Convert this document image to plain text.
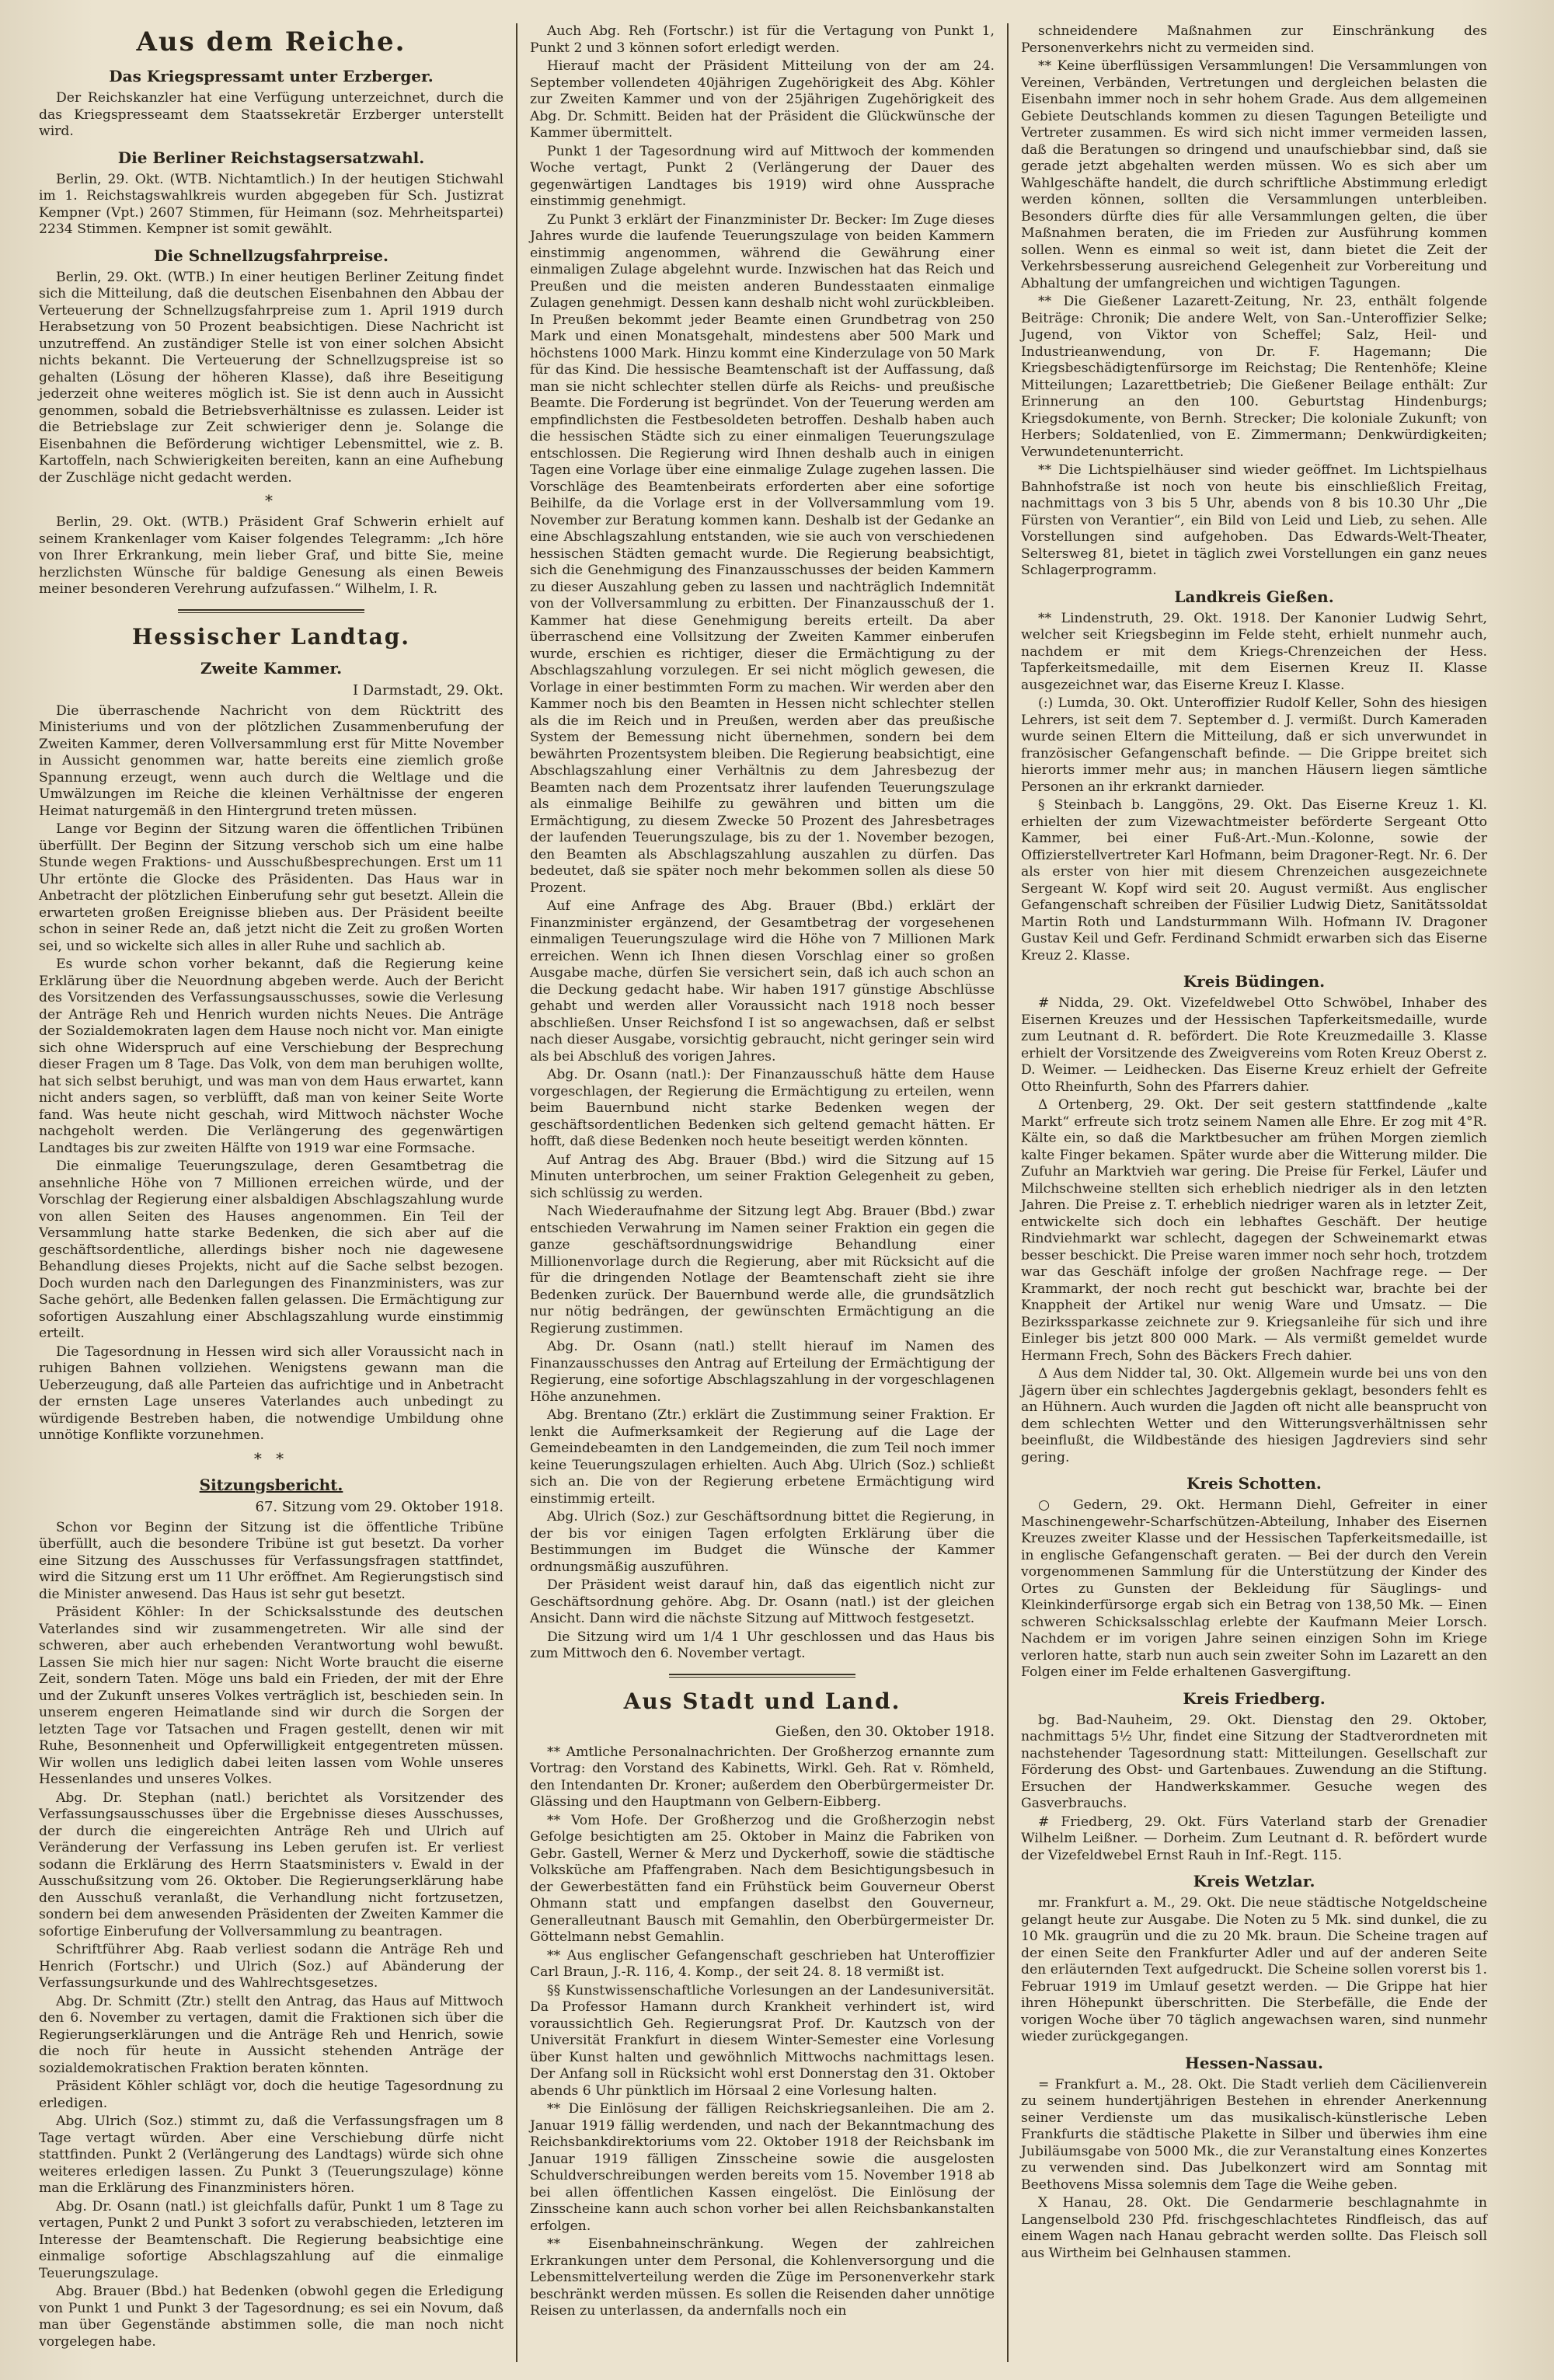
Aus dem Reiche.
Das Kriegspressamt unter Erzberger.

Der Reichskanzler hat eine Verfügung unterzeichnet, durch die das Kriegspresseamt dem Staatssekretär Erzberger unterstellt wird.

Die Berliner Reichstagsersatzwahl.

Berlin, 29. Okt. (WTB. Nichtamtlich.) In der heutigen Stichwahl im 1. Reichstagswahlkreis wurden abgegeben für Sch. Justizrat Kempner (Vpt.) 2607 Stimmen, für Heimann (soz. Mehrheitspartei) 2234 Stimmen. Kempner ist somit gewählt.

Die Schnellzugsfahrpreise.

Berlin, 29. Okt. (WTB.) In einer heutigen Berliner Zeitung findet sich die Mitteilung, daß die deutschen Eisenbahnen den Abbau der Verteuerung der Schnellzugsfahrpreise zum 1. April 1919 durch Herabsetzung von 50 Prozent beabsichtigen. Diese Nachricht ist unzutreffend. An zuständiger Stelle ist von einer solchen Absicht nichts bekannt. Die Verteuerung der Schnellzugspreise ist so gehalten (Lösung der höheren Klasse), daß ihre Beseitigung jederzeit ohne weiteres möglich ist. Sie ist denn auch in Aussicht genommen, sobald die Betriebsverhältnisse es zulassen. Leider ist die Betriebslage zur Zeit schwieriger denn je. Solange die Eisenbahnen die Beförderung wichtiger Lebensmittel, wie z. B. Kartoffeln, nach Schwierigkeiten bereiten, kann an eine Aufhebung der Zuschläge nicht gedacht werden.

*

Berlin, 29. Okt. (WTB.) Präsident Graf Schwerin erhielt auf seinem Krankenlager vom Kaiser folgendes Telegramm: „Ich höre von Ihrer Erkrankung, mein lieber Graf, und bitte Sie, meine herzlichsten Wünsche für baldige Genesung als einen Beweis meiner besonderen Verehrung aufzufassen.“ Wilhelm, I. R.

Hessischer Landtag.
Zweite Kammer.
I Darmstadt, 29. Okt.

Die überraschende Nachricht von dem Rücktritt des Ministeriums und von der plötzlichen Zusammenberufung der Zweiten Kammer, deren Vollversammlung erst für Mitte November in Aussicht genommen war, hatte bereits eine ziemlich große Spannung erzeugt, wenn auch durch die Weltlage und die Umwälzungen im Reiche die kleinen Verhältnisse der engeren Heimat naturgemäß in den Hintergrund treten müssen.

Lange vor Beginn der Sitzung waren die öffentlichen Tribünen überfüllt. Der Beginn der Sitzung verschob sich um eine halbe Stunde wegen Fraktions- und Ausschußbesprechungen. Erst um 11 Uhr ertönte die Glocke des Präsidenten. Das Haus war in Anbetracht der plötzlichen Einberufung sehr gut besetzt. Allein die erwarteten großen Ereignisse blieben aus. Der Präsident beeilte schon in seiner Rede an, daß jetzt nicht die Zeit zu großen Worten sei, und so wickelte sich alles in aller Ruhe und sachlich ab.

Es wurde schon vorher bekannt, daß die Regierung keine Erklärung über die Neuordnung abgeben werde. Auch der Bericht des Vorsitzenden des Verfassungsausschusses, sowie die Verlesung der Anträge Reh und Henrich wurden nichts Neues. Die Anträge der Sozialdemokraten lagen dem Hause noch nicht vor. Man einigte sich ohne Widerspruch auf eine Verschiebung der Besprechung dieser Fragen um 8 Tage. Das Volk, von dem man beruhigen wollte, hat sich selbst beruhigt, und was man von dem Haus erwartet, kann nicht anders sagen, so verblüfft, daß man von keiner Seite Worte fand. Was heute nicht geschah, wird Mittwoch nächster Woche nachgeholt werden. Die Verlängerung des gegenwärtigen Landtages bis zur zweiten Hälfte von 1919 war eine Formsache.

Die einmalige Teuerungszulage, deren Gesamtbetrag die ansehnliche Höhe von 7 Millionen erreichen würde, und der Vorschlag der Regierung einer alsbaldigen Abschlagszahlung wurde von allen Seiten des Hauses angenommen. Ein Teil der Versammlung hatte starke Bedenken, die sich aber auf die geschäftsordentliche, allerdings bisher noch nie dagewesene Behandlung dieses Projekts, nicht auf die Sache selbst bezogen. Doch wurden nach den Darlegungen des Finanzministers, was zur Sache gehört, alle Bedenken fallen gelassen. Die Ermächtigung zur sofortigen Auszahlung einer Abschlagszahlung wurde einstimmig erteilt.

Die Tagesordnung in Hessen wird sich aller Voraussicht nach in ruhigen Bahnen vollziehen. Wenigstens gewann man die Ueberzeugung, daß alle Parteien das aufrichtige und in Anbetracht der ernsten Lage unseres Vaterlandes auch unbedingt zu würdigende Bestreben haben, die notwendige Umbildung ohne unnötige Konflikte vorzunehmen.

* *
Sitzungsbericht.
67. Sitzung vom 29. Oktober 1918.

Schon vor Beginn der Sitzung ist die öffentliche Tribüne überfüllt, auch die besondere Tribüne ist gut besetzt. Da vorher eine Sitzung des Ausschusses für Verfassungsfragen stattfindet, wird die Sitzung erst um 11 Uhr eröffnet. Am Regierungstisch sind die Minister anwesend. Das Haus ist sehr gut besetzt.

Präsident Köhler: In der Schicksalsstunde des deutschen Vaterlandes sind wir zusammengetreten. Wir alle sind der schweren, aber auch erhebenden Verantwortung wohl bewußt. Lassen Sie mich hier nur sagen: Nicht Worte braucht die eiserne Zeit, sondern Taten. Möge uns bald ein Frieden, der mit der Ehre und der Zukunft unseres Volkes verträglich ist, beschieden sein. In unserem engeren Heimatlande sind wir durch die Sorgen der letzten Tage vor Tatsachen und Fragen gestellt, denen wir mit Ruhe, Besonnenheit und Opferwilligkeit entgegentreten müssen. Wir wollen uns lediglich dabei leiten lassen vom Wohle unseres Hessenlandes und unseres Volkes.

Abg. Dr. Stephan (natl.) berichtet als Vorsitzender des Verfassungsausschusses über die Ergebnisse dieses Ausschusses, der durch die eingereichten Anträge Reh und Ulrich auf Veränderung der Verfassung ins Leben gerufen ist. Er verliest sodann die Erklärung des Herrn Staatsministers v. Ewald in der Ausschußsitzung vom 26. Oktober. Die Regierungserklärung habe den Ausschuß veranlaßt, die Verhandlung nicht fortzusetzen, sondern bei dem anwesenden Präsidenten der Zweiten Kammer die sofortige Einberufung der Vollversammlung zu beantragen.

Schriftführer Abg. Raab verliest sodann die Anträge Reh und Henrich (Fortschr.) und Ulrich (Soz.) auf Abänderung der Verfassungsurkunde und des Wahlrechtsgesetzes.

Abg. Dr. Schmitt (Ztr.) stellt den Antrag, das Haus auf Mittwoch den 6. November zu vertagen, damit die Fraktionen sich über die Regierungserklärungen und die Anträge Reh und Henrich, sowie die noch für heute in Aussicht stehenden Anträge der sozialdemokratischen Fraktion beraten könnten.

Präsident Köhler schlägt vor, doch die heutige Tagesordnung zu erledigen.

Abg. Ulrich (Soz.) stimmt zu, daß die Verfassungsfragen um 8 Tage vertagt würden. Aber eine Verschiebung dürfe nicht stattfinden. Punkt 2 (Verlängerung des Landtags) würde sich ohne weiteres erledigen lassen. Zu Punkt 3 (Teuerungszulage) könne man die Erklärung des Finanzministers hören.

Abg. Dr. Osann (natl.) ist gleichfalls dafür, Punkt 1 um 8 Tage zu vertagen, Punkt 2 und Punkt 3 sofort zu verabschieden, letzteren im Interesse der Beamtenschaft. Die Regierung beabsichtige eine einmalige sofortige Abschlagszahlung auf die einmalige Teuerungszulage.

Abg. Brauer (Bbd.) hat Bedenken (obwohl gegen die Erledigung von Punkt 1 und Punkt 3 der Tagesordnung; es sei ein Novum, daß man über Gegenstände abstimmen solle, die man noch nicht vorgelegen habe.

Auch Abg. Reh (Fortschr.) ist für die Vertagung von Punkt 1, Punkt 2 und 3 können sofort erledigt werden.

Hierauf macht der Präsident Mitteilung von der am 24. September vollendeten 40jährigen Zugehörigkeit des Abg. Köhler zur Zweiten Kammer und von der 25jährigen Zugehörigkeit des Abg. Dr. Schmitt. Beiden hat der Präsident die Glückwünsche der Kammer übermittelt.

Punkt 1 der Tagesordnung wird auf Mittwoch der kommenden Woche vertagt, Punkt 2 (Verlängerung der Dauer des gegenwärtigen Landtages bis 1919) wird ohne Aussprache einstimmig genehmigt.

Zu Punkt 3 erklärt der Finanzminister Dr. Becker: Im Zuge dieses Jahres wurde die laufende Teuerungszulage von beiden Kammern einstimmig angenommen, während die Gewährung einer einmaligen Zulage abgelehnt wurde. Inzwischen hat das Reich und Preußen und die meisten anderen Bundesstaaten einmalige Zulagen genehmigt. Dessen kann deshalb nicht wohl zurückbleiben. In Preußen bekommt jeder Beamte einen Grundbetrag von 250 Mark und einen Monatsgehalt, mindestens aber 500 Mark und höchstens 1000 Mark. Hinzu kommt eine Kinderzulage von 50 Mark für das Kind. Die hessische Beamtenschaft ist der Auffassung, daß man sie nicht schlechter stellen dürfe als Reichs- und preußische Beamte. Die Forderung ist begründet. Von der Teuerung werden am empfindlichsten die Festbesoldeten betroffen. Deshalb haben auch die hessischen Städte sich zu einer einmaligen Teuerungszulage entschlossen. Die Regierung wird Ihnen deshalb auch in einigen Tagen eine Vorlage über eine einmalige Zulage zugehen lassen. Die Vorschläge des Beamtenbeirats erforderten aber eine sofortige Beihilfe, da die Vorlage erst in der Vollversammlung vom 19. November zur Beratung kommen kann. Deshalb ist der Gedanke an eine Abschlagszahlung entstanden, wie sie auch von verschiedenen hessischen Städten gemacht wurde. Die Regierung beabsichtigt, sich die Genehmigung des Finanzausschusses der beiden Kammern zu dieser Auszahlung geben zu lassen und nachträglich Indemnität von der Vollversammlung zu erbitten. Der Finanzausschuß der 1. Kammer hat diese Genehmigung bereits erteilt. Da aber überraschend eine Vollsitzung der Zweiten Kammer einberufen wurde, erschien es richtiger, dieser die Ermächtigung zu der Abschlagszahlung vorzulegen. Er sei nicht möglich gewesen, die Vorlage in einer bestimmten Form zu machen. Wir werden aber den Kammer noch bis den Beamten in Hessen nicht schlechter stellen als die im Reich und in Preußen, werden aber das preußische System der Bemessung nicht übernehmen, sondern bei dem bewährten Prozentsystem bleiben. Die Regierung beabsichtigt, eine Abschlagszahlung einer Verhältnis zu dem Jahresbezug der Beamten nach dem Prozentsatz ihrer laufenden Teuerungszulage als einmalige Beihilfe zu gewähren und bitten um die Ermächtigung, zu diesem Zwecke 50 Prozent des Jahresbetrages der laufenden Teuerungszulage, bis zu der 1. November bezogen, den Beamten als Abschlagszahlung auszahlen zu dürfen. Das bedeutet, daß sie später noch mehr bekommen sollen als diese 50 Prozent.

Auf eine Anfrage des Abg. Brauer (Bbd.) erklärt der Finanzminister ergänzend, der Gesamtbetrag der vorgesehenen einmaligen Teuerungszulage wird die Höhe von 7 Millionen Mark erreichen. Wenn ich Ihnen diesen Vorschlag einer so großen Ausgabe mache, dürfen Sie versichert sein, daß ich auch schon an die Deckung gedacht habe. Wir haben 1917 günstige Abschlüsse gehabt und werden aller Voraussicht nach 1918 noch besser abschließen. Unser Reichsfond I ist so angewachsen, daß er selbst nach dieser Ausgabe, vorsichtig gebraucht, nicht geringer sein wird als bei Abschluß des vorigen Jahres.

Abg. Dr. Osann (natl.): Der Finanzausschuß hätte dem Hause vorgeschlagen, der Regierung die Ermächtigung zu erteilen, wenn beim Bauernbund nicht starke Bedenken wegen der geschäftsordentlichen Bedenken sich geltend gemacht hätten. Er hofft, daß diese Bedenken noch heute beseitigt werden könnten.

Auf Antrag des Abg. Brauer (Bbd.) wird die Sitzung auf 15 Minuten unterbrochen, um seiner Fraktion Gelegenheit zu geben, sich schlüssig zu werden.

Nach Wiederaufnahme der Sitzung legt Abg. Brauer (Bbd.) zwar entschieden Verwahrung im Namen seiner Fraktion ein gegen die ganze geschäftsordnungswidrige Behandlung einer Millionenvorlage durch die Regierung, aber mit Rücksicht auf die für die dringenden Notlage der Beamtenschaft zieht sie ihre Bedenken zurück. Der Bauernbund werde alle, die grundsätzlich nur nötig bedrängen, der gewünschten Ermächtigung an die Regierung zustimmen.

Abg. Dr. Osann (natl.) stellt hierauf im Namen des Finanzausschusses den Antrag auf Erteilung der Ermächtigung der Regierung, eine sofortige Abschlagszahlung in der vorgeschlagenen Höhe anzunehmen.

Abg. Brentano (Ztr.) erklärt die Zustimmung seiner Fraktion. Er lenkt die Aufmerksamkeit der Regierung auf die Lage der Gemeindebeamten in den Landgemeinden, die zum Teil noch immer keine Teuerungszulagen erhielten. Auch Abg. Ulrich (Soz.) schließt sich an. Die von der Regierung erbetene Ermächtigung wird einstimmig erteilt.

Abg. Ulrich (Soz.) zur Geschäftsordnung bittet die Regierung, in der bis vor einigen Tagen erfolgten Erklärung über die Bestimmungen im Budget die Wünsche der Kammer ordnungsmäßig auszuführen.

Der Präsident weist darauf hin, daß das eigentlich nicht zur Geschäftsordnung gehöre. Abg. Dr. Osann (natl.) ist der gleichen Ansicht. Dann wird die nächste Sitzung auf Mittwoch festgesetzt.

Die Sitzung wird um 1/4 1 Uhr geschlossen und das Haus bis zum Mittwoch den 6. November vertagt.

Aus Stadt und Land.
Gießen, den 30. Oktober 1918.

** Amtliche Personalnachrichten. Der Großherzog ernannte zum Vortrag: den Vorstand des Kabinetts, Wirkl. Geh. Rat v. Römheld, den Intendanten Dr. Kroner; außerdem den Oberbürgermeister Dr. Glässing und den Hauptmann von Gelbern-Eibberg.

** Vom Hofe. Der Großherzog und die Großherzogin nebst Gefolge besichtigten am 25. Oktober in Mainz die Fabriken von Gebr. Gastell, Werner & Merz und Dyckerhoff, sowie die städtische Volksküche am Pfaffengraben. Nach dem Besichtigungsbesuch in der Gewerbestätten fand ein Frühstück beim Gouverneur Oberst Ohmann statt und empfangen daselbst den Gouverneur, Generalleutnant Bausch mit Gemahlin, den Oberbürgermeister Dr. Göttelmann nebst Gemahlin.

** Aus englischer Gefangenschaft geschrieben hat Unteroffizier Carl Braun, J.-R. 116, 4. Komp., der seit 24. 8. 18 vermißt ist.

§§ Kunstwissenschaftliche Vorlesungen an der Landesuniversität. Da Professor Hamann durch Krankheit verhindert ist, wird voraussichtlich Geh. Regierungsrat Prof. Dr. Kautzsch von der Universität Frankfurt in diesem Winter-Semester eine Vorlesung über Kunst halten und gewöhnlich Mittwochs nachmittags lesen. Der Anfang soll in Rücksicht wohl erst Donnerstag den 31. Oktober abends 6 Uhr pünktlich im Hörsaal 2 eine Vorlesung halten.

** Die Einlösung der fälligen Reichskriegsanleihen. Die am 2. Januar 1919 fällig werdenden, und nach der Bekanntmachung des Reichsbankdirektoriums vom 22. Oktober 1918 der Reichsbank im Januar 1919 fälligen Zinsscheine sowie die ausgelosten Schuldverschreibungen werden bereits vom 15. November 1918 ab bei allen öffentlichen Kassen eingelöst. Die Einlösung der Zinsscheine kann auch schon vorher bei allen Reichsbankanstalten erfolgen.

** Eisenbahneinschränkung. Wegen der zahlreichen Erkrankungen unter dem Personal, die Kohlenversorgung und die Lebensmittelverteilung werden die Züge im Personenverkehr stark beschränkt werden müssen. Es sollen die Reisenden daher unnötige Reisen zu unterlassen, da andernfalls noch ein

schneidendere Maßnahmen zur Einschränkung des Personenverkehrs nicht zu vermeiden sind.

** Keine überflüssigen Versammlungen! Die Versammlungen von Vereinen, Verbänden, Vertretungen und dergleichen belasten die Eisenbahn immer noch in sehr hohem Grade. Aus dem allgemeinen Gebiete Deutschlands kommen zu diesen Tagungen Beteiligte und Vertreter zusammen. Es wird sich nicht immer vermeiden lassen, daß die Beratungen so dringend und unaufschiebbar sind, daß sie gerade jetzt abgehalten werden müssen. Wo es sich aber um Wahlgeschäfte handelt, die durch schriftliche Abstimmung erledigt werden können, sollten die Versammlungen unterbleiben. Besonders dürfte dies für alle Versammlungen gelten, die über Maßnahmen beraten, die im Frieden zur Ausführung kommen sollen. Wenn es einmal so weit ist, dann bietet die Zeit der Verkehrsbesserung ausreichend Gelegenheit zur Vorbereitung und Abhaltung der umfangreichen und wichtigen Tagungen.

** Die Gießener Lazarett-Zeitung, Nr. 23, enthält folgende Beiträge: Chronik; Die andere Welt, von San.-Unteroffizier Selke; Jugend, von Viktor von Scheffel; Salz, Heil- und Industrieanwendung, von Dr. F. Hagemann; Die Kriegsbeschädigtenfürsorge im Reichstag; Die Rentenhöfe; Kleine Mitteilungen; Lazarettbetrieb; Die Gießener Beilage enthält: Zur Erinnerung an den 100. Geburtstag Hindenburgs; Kriegsdokumente, von Bernh. Strecker; Die koloniale Zukunft; von Herbers; Soldatenlied, von E. Zimmermann; Denkwürdigkeiten; Verwundetenunterricht.

** Die Lichtspielhäuser sind wieder geöffnet. Im Lichtspielhaus Bahnhofstraße ist noch von heute bis einschließlich Freitag, nachmittags von 3 bis 5 Uhr, abends von 8 bis 10.30 Uhr „Die Fürsten von Verantier“, ein Bild von Leid und Lieb, zu sehen. Alle Vorstellungen sind aufgehoben. Das Edwards-Welt-Theater, Seltersweg 81, bietet in täglich zwei Vorstellungen ein ganz neues Schlagerprogramm.

Landkreis Gießen.

** Lindenstruth, 29. Okt. 1918. Der Kanonier Ludwig Sehrt, welcher seit Kriegsbeginn im Felde steht, erhielt nunmehr auch, nachdem er mit dem Kriegs-Chrenzeichen der Hess. Tapferkeitsmedaille, mit dem Eisernen Kreuz II. Klasse ausgezeichnet war, das Eiserne Kreuz I. Klasse.

(:) Lumda, 30. Okt. Unteroffizier Rudolf Keller, Sohn des hiesigen Lehrers, ist seit dem 7. September d. J. vermißt. Durch Kameraden wurde seinen Eltern die Mitteilung, daß er sich unverwundet in französischer Gefangenschaft befinde. — Die Grippe breitet sich hierorts immer mehr aus; in manchen Häusern liegen sämtliche Personen an ihr erkrankt darnieder.

§ Steinbach b. Langgöns, 29. Okt. Das Eiserne Kreuz 1. Kl. erhielten der zum Vizewachtmeister beförderte Sergeant Otto Kammer, bei einer Fuß-Art.-Mun.-Kolonne, sowie der Offizierstellvertreter Karl Hofmann, beim Dragoner-Regt. Nr. 6. Der als erster von hier mit diesem Chrenzeichen ausgezeichnete Sergeant W. Kopf wird seit 20. August vermißt. Aus englischer Gefangenschaft schreiben der Füsilier Ludwig Dietz, Sanitätssoldat Martin Roth und Landsturmmann Wilh. Hofmann IV. Dragoner Gustav Keil und Gefr. Ferdinand Schmidt erwarben sich das Eiserne Kreuz 2. Klasse.

Kreis Büdingen.

# Nidda, 29. Okt. Vizefeldwebel Otto Schwöbel, Inhaber des Eisernen Kreuzes und der Hessischen Tapferkeitsmedaille, wurde zum Leutnant d. R. befördert. Die Rote Kreuzmedaille 3. Klasse erhielt der Vorsitzende des Zweigvereins vom Roten Kreuz Oberst z. D. Weimer. — Leidhecken. Das Eiserne Kreuz erhielt der Gefreite Otto Rheinfurth, Sohn des Pfarrers dahier.

Δ Ortenberg, 29. Okt. Der seit gestern stattfindende „kalte Markt“ erfreute sich trotz seinem Namen alle Ehre. Er zog mit 4°R. Kälte ein, so daß die Marktbesucher am frühen Morgen ziemlich kalte Finger bekamen. Später wurde aber die Witterung milder. Die Zufuhr an Marktvieh war gering. Die Preise für Ferkel, Läufer und Milchschweine stellten sich erheblich niedriger als in den letzten Jahren. Die Preise z. T. erheblich niedriger waren als in letzter Zeit, entwickelte sich doch ein lebhaftes Geschäft. Der heutige Rindviehmarkt war schlecht, dagegen der Schweinemarkt etwas besser beschickt. Die Preise waren immer noch sehr hoch, trotzdem war das Geschäft infolge der großen Nachfrage rege. — Der Krammarkt, der noch recht gut beschickt war, brachte bei der Knappheit der Artikel nur wenig Ware und Umsatz. — Die Bezirkssparkasse zeichnete zur 9. Kriegsanleihe für sich und ihre Einleger bis jetzt 800 000 Mark. — Als vermißt gemeldet wurde Hermann Frech, Sohn des Bäckers Frech dahier.

Δ Aus dem Nidder tal, 30. Okt. Allgemein wurde bei uns von den Jägern über ein schlechtes Jagdergebnis geklagt, besonders fehlt es an Hühnern. Auch wurden die Jagden oft nicht alle beansprucht von dem schlechten Wetter und den Witterungsverhältnissen sehr beeinflußt, die Wildbestände des hiesigen Jagdreviers sind sehr gering.

Kreis Schotten.

○ Gedern, 29. Okt. Hermann Diehl, Gefreiter in einer Maschinengewehr-Scharfschützen-Abteilung, Inhaber des Eisernen Kreuzes zweiter Klasse und der Hessischen Tapferkeitsmedaille, ist in englische Gefangenschaft geraten. — Bei der durch den Verein vorgenommenen Sammlung für die Unterstützung der Kinder des Ortes zu Gunsten der Bekleidung für Säuglings- und Kleinkinderfürsorge ergab sich ein Betrag von 138,50 Mk. — Einen schweren Schicksalsschlag erlebte der Kaufmann Meier Lorsch. Nachdem er im vorigen Jahre seinen einzigen Sohn im Kriege verloren hatte, starb nun auch sein zweiter Sohn im Lazarett an den Folgen einer im Felde erhaltenen Gasvergiftung.

Kreis Friedberg.

bg. Bad-Nauheim, 29. Okt. Dienstag den 29. Oktober, nachmittags 5½ Uhr, findet eine Sitzung der Stadtverordneten mit nachstehender Tagesordnung statt: Mitteilungen. Gesellschaft zur Förderung des Obst- und Gartenbaues. Zuwendung an die Stiftung. Ersuchen der Handwerkskammer. Gesuche wegen des Gasverbrauchs.

# Friedberg, 29. Okt. Fürs Vaterland starb der Grenadier Wilhelm Leißner. — Dorheim. Zum Leutnant d. R. befördert wurde der Vizefeldwebel Ernst Rauh in Inf.-Regt. 115.

Kreis Wetzlar.

mr. Frankfurt a. M., 29. Okt. Die neue städtische Notgeldscheine gelangt heute zur Ausgabe. Die Noten zu 5 Mk. sind dunkel, die zu 10 Mk. graugrün und die zu 20 Mk. braun. Die Scheine tragen auf der einen Seite den Frankfurter Adler und auf der anderen Seite den erläuternden Text aufgedruckt. Die Scheine sollen vorerst bis 1. Februar 1919 im Umlauf gesetzt werden. — Die Grippe hat hier ihren Höhepunkt überschritten. Die Sterbefälle, die Ende der vorigen Woche über 70 täglich angewachsen waren, sind nunmehr wieder zurückgegangen.

Hessen-Nassau.

= Frankfurt a. M., 28. Okt. Die Stadt verlieh dem Cäcilienverein zu seinem hundertjährigen Bestehen in ehrender Anerkennung seiner Verdienste um das musikalisch-künstlerische Leben Frankfurts die städtische Plakette in Silber und überwies ihm eine Jubiläumsgabe von 5000 Mk., die zur Veranstaltung eines Konzertes zu verwenden sind. Das Jubelkonzert wird am Sonntag mit Beethovens Missa solemnis dem Tage die Weihe geben.

X Hanau, 28. Okt. Die Gendarmerie beschlagnahmte in Langenselbold 230 Pfd. frischgeschlachtetes Rindfleisch, das auf einem Wagen nach Hanau gebracht werden sollte. Das Fleisch soll aus Wirtheim bei Gelnhausen stammen.
